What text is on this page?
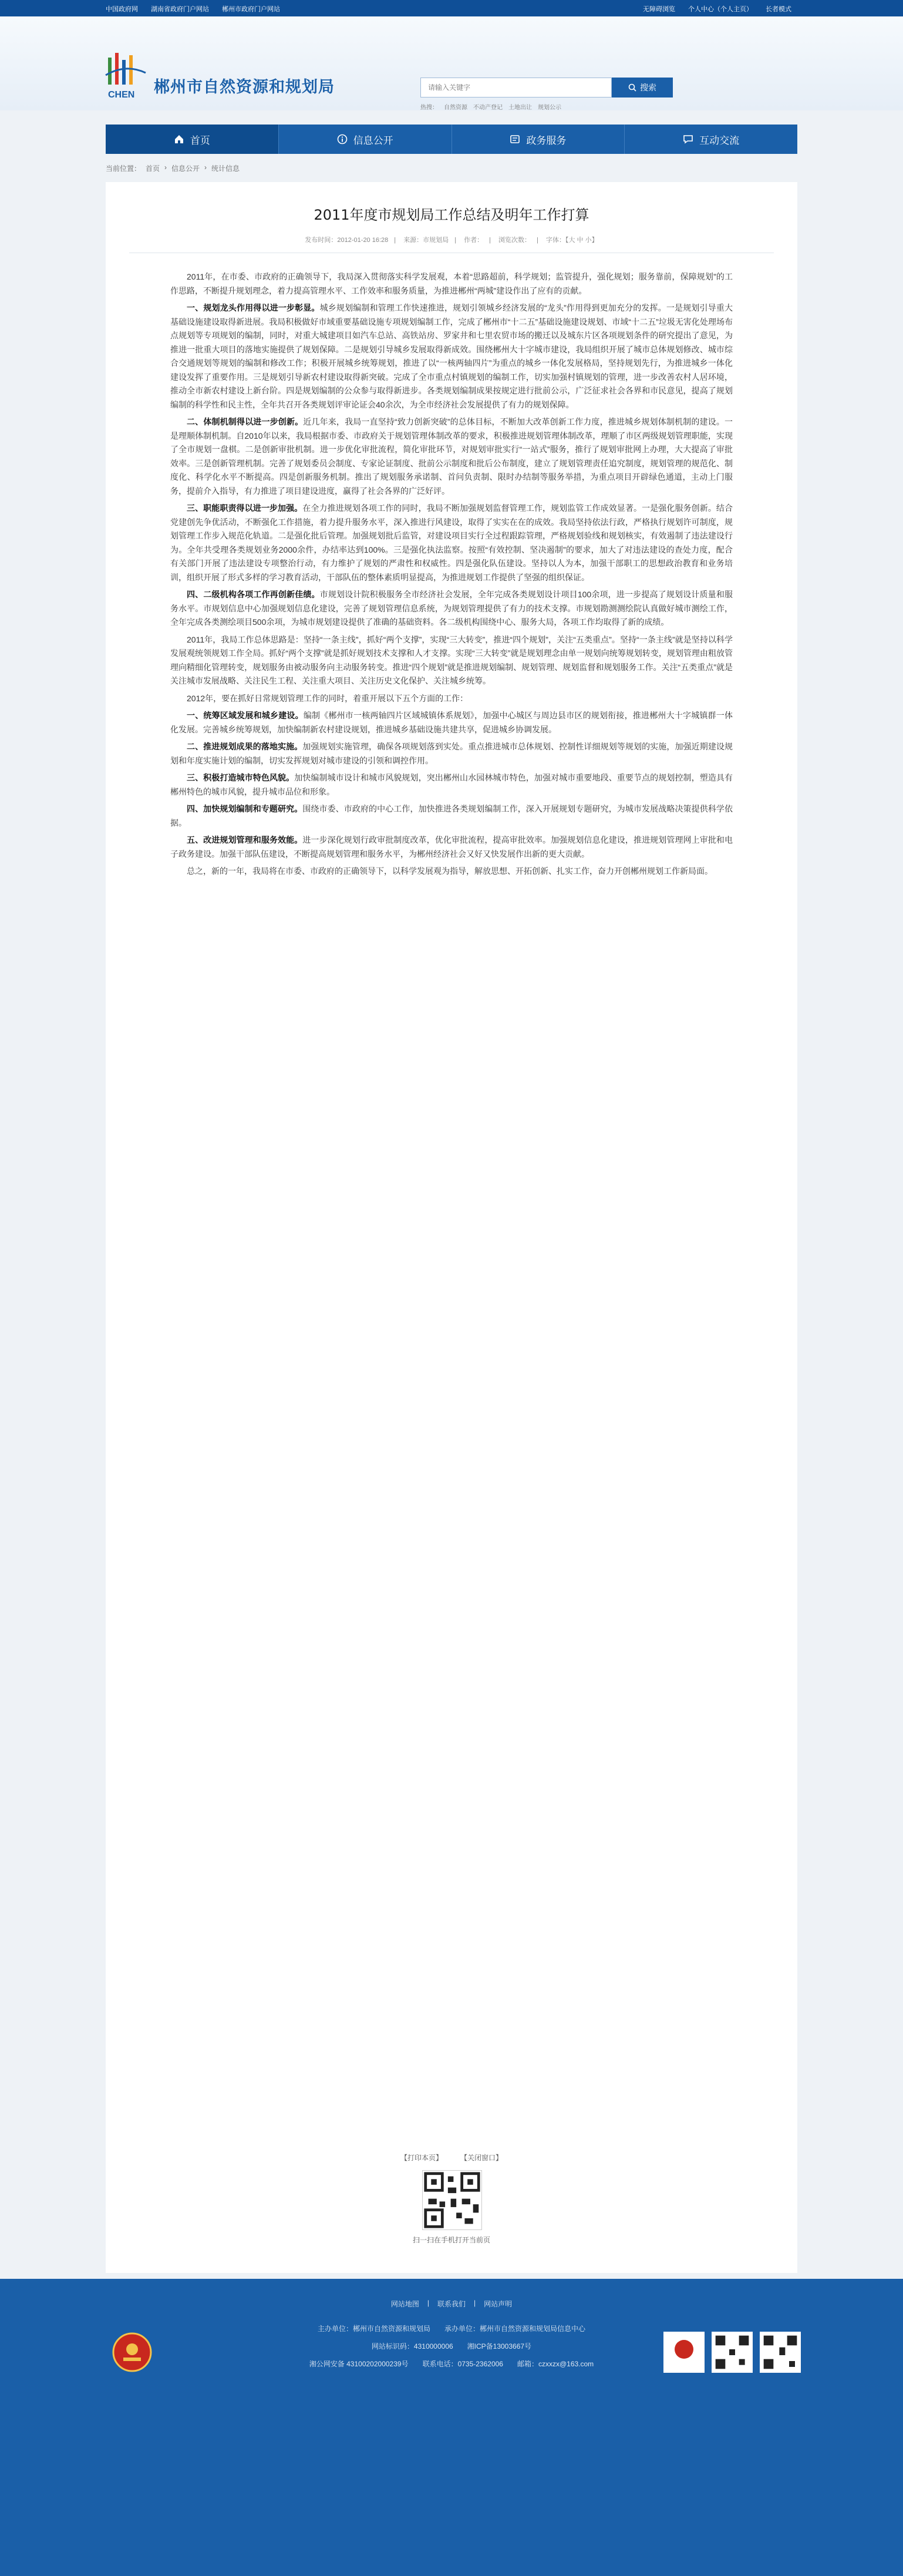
中国政府网 湖南省政府门户网站 郴州市政府门户网站	无障碍浏览 个人中心（个人主页） 长者模式
CHEN 郴州市自然资源和规划局
请输入关键字	搜索
热搜： 自然资源 不动产登记 土地出让 规划公示
首页	信息公开	政务服务	互动交流
当前位置： 首页 › 信息公开 › 统计信息
2011年度市规划局工作总结及明年工作打算
发布时间：2012-01-20 16:28 | 来源：市规划局 | 作者： | 浏览次数： | 字体：【大 中 小】

2011年，在市委、市政府的正确领导下，我局深入贯彻落实科学发展观，本着“思路超前，科学规划；监管提升，强化规划；服务靠前，保障规划”的工作思路，不断提升规划理念，着力提高管理水平、工作效率和服务质量，为推进郴州“两城”建设作出了应有的贡献。

一、规划龙头作用得以进一步彰显。城乡规划编制和管理工作快速推进，规划引领城乡经济发展的“龙头”作用得到更加充分的发挥。一是规划引导重大基础设施建设取得新进展。我局积极做好市域重要基础设施专项规划编制工作，完成了郴州市“十二五”基础设施建设规划、市域“十二五”垃圾无害化处理场布点规划等专项规划的编制，同时，对重大城建项目如汽车总站、高铁站房、罗家井和七里农贸市场的搬迁以及城东片区各项规划条件的研究提出了意见，为推进一批重大项目的落地实施提供了规划保障。二是规划引导城乡发展取得新成效。围绕郴州大十字城市建设，我局组织开展了城市总体规划修改、城市综合交通规划等规划的编制和修改工作；积极开展城乡统筹规划，推进了以“一核两轴四片”为重点的城乡一体化发展格局，坚持规划先行，为推进城乡一体化建设发挥了重要作用。三是规划引导新农村建设取得新突破。完成了全市重点村镇规划的编制工作，切实加强村镇规划的管理，进一步改善农村人居环境，推动全市新农村建设上新台阶。四是规划编制的公众参与取得新进步。各类规划编制成果按规定进行批前公示，广泛征求社会各界和市民意见，提高了规划编制的科学性和民主性，全年共召开各类规划评审论证会40余次，为全市经济社会发展提供了有力的规划保障。

二、体制机制得以进一步创新。近几年来，我局一直坚持“致力创新突破”的总体目标，不断加大改革创新工作力度，推进城乡规划体制机制的建设。一是理顺体制机制。自2010年以来，我局根据市委、市政府关于规划管理体制改革的要求，积极推进规划管理体制改革，理顺了市区两级规划管理职能，实现了全市规划一盘棋。二是创新审批机制。进一步优化审批流程，简化审批环节，对规划审批实行“一站式”服务，推行了规划审批网上办理，大大提高了审批效率。三是创新管理机制。完善了规划委员会制度、专家论证制度、批前公示制度和批后公布制度，建立了规划管理责任追究制度，规划管理的规范化、制度化、科学化水平不断提高。四是创新服务机制。推出了规划服务承诺制、首问负责制、限时办结制等服务举措，为重点项目开辟绿色通道，主动上门服务，提前介入指导，有力推进了项目建设进度，赢得了社会各界的广泛好评。

三、职能职责得以进一步加强。在全力推进规划各项工作的同时，我局不断加强规划监督管理工作，规划监管工作成效显著。一是强化服务创新。结合党建创先争优活动，不断强化工作措施，着力提升服务水平，深入推进行风建设，取得了实实在在的成效。我局坚持依法行政，严格执行规划许可制度，规划管理工作步入规范化轨道。二是强化批后管理。加强规划批后监管，对建设项目实行全过程跟踪管理，严格规划验线和规划核实，有效遏制了违法建设行为。全年共受理各类规划业务2000余件，办结率达到100%。三是强化执法监察。按照“有效控制、坚决遏制”的要求，加大了对违法建设的查处力度，配合有关部门开展了违法建设专项整治行动，有力维护了规划的严肃性和权威性。四是强化队伍建设。坚持以人为本，加强干部职工的思想政治教育和业务培训，组织开展了形式多样的学习教育活动，干部队伍的整体素质明显提高，为推进规划工作提供了坚强的组织保证。

四、二级机构各项工作再创新佳绩。市规划设计院积极服务全市经济社会发展，全年完成各类规划设计项目100余项，进一步提高了规划设计质量和服务水平。市规划信息中心加强规划信息化建设，完善了规划管理信息系统，为规划管理提供了有力的技术支撑。市规划勘测测绘院认真做好城市测绘工作，全年完成各类测绘项目500余项，为城市规划建设提供了准确的基础资料。各二级机构围绕中心、服务大局，各项工作均取得了新的成绩。

2011年，我局工作总体思路是：坚持“一条主线”，抓好“两个支撑”，实现“三大转变”，推进“四个规划”，关注“五类重点”。坚持“一条主线”就是坚持以科学发展观统领规划工作全局。抓好“两个支撑”就是抓好规划技术支撑和人才支撑。实现“三大转变”就是规划理念由单一规划向统筹规划转变，规划管理由粗放管理向精细化管理转变，规划服务由被动服务向主动服务转变。推进“四个规划”就是推进规划编制、规划管理、规划监督和规划服务工作。关注“五类重点”就是关注城市发展战略、关注民生工程、关注重大项目、关注历史文化保护、关注城乡统筹。

2012年，要在抓好日常规划管理工作的同时，着重开展以下五个方面的工作：

一、统筹区域发展和城乡建设。编制《郴州市一核两轴四片区域城镇体系规划》，加强中心城区与周边县市区的规划衔接，推进郴州大十字城镇群一体化发展。完善城乡统筹规划，加快编制新农村建设规划，推进城乡基础设施共建共享，促进城乡协调发展。

二、推进规划成果的落地实施。加强规划实施管理，确保各项规划落到实处。重点推进城市总体规划、控制性详细规划等规划的实施，加强近期建设规划和年度实施计划的编制，切实发挥规划对城市建设的引领和调控作用。

三、积极打造城市特色风貌。加快编制城市设计和城市风貌规划，突出郴州山水园林城市特色，加强对城市重要地段、重要节点的规划控制，塑造具有郴州特色的城市风貌，提升城市品位和形象。

四、加快规划编制和专题研究。围绕市委、市政府的中心工作，加快推进各类规划编制工作，深入开展规划专题研究，为城市发展战略决策提供科学依据。

五、改进规划管理和服务效能。进一步深化规划行政审批制度改革，优化审批流程，提高审批效率。加强规划信息化建设，推进规划管理网上审批和电子政务建设。加强干部队伍建设，不断提高规划管理和服务水平，为郴州经济社会又好又快发展作出新的更大贡献。

总之，新的一年，我局将在市委、市政府的正确领导下，以科学发展观为指导，解放思想、开拓创新、扎实工作，奋力开创郴州规划工作新局面。

【打印本页】	【关闭窗口】
扫一扫在手机打开当前页
网站地图 | 联系我们 | 网站声明
主办单位：郴州市自然资源和规划局　　承办单位：郴州市自然资源和规划局信息中心
网站标识码：4310000006　　湘ICP备13003667号
湘公网安备 43100202000239号　　联系电话：0735-2362006　　邮箱：czxxzx@163.com
